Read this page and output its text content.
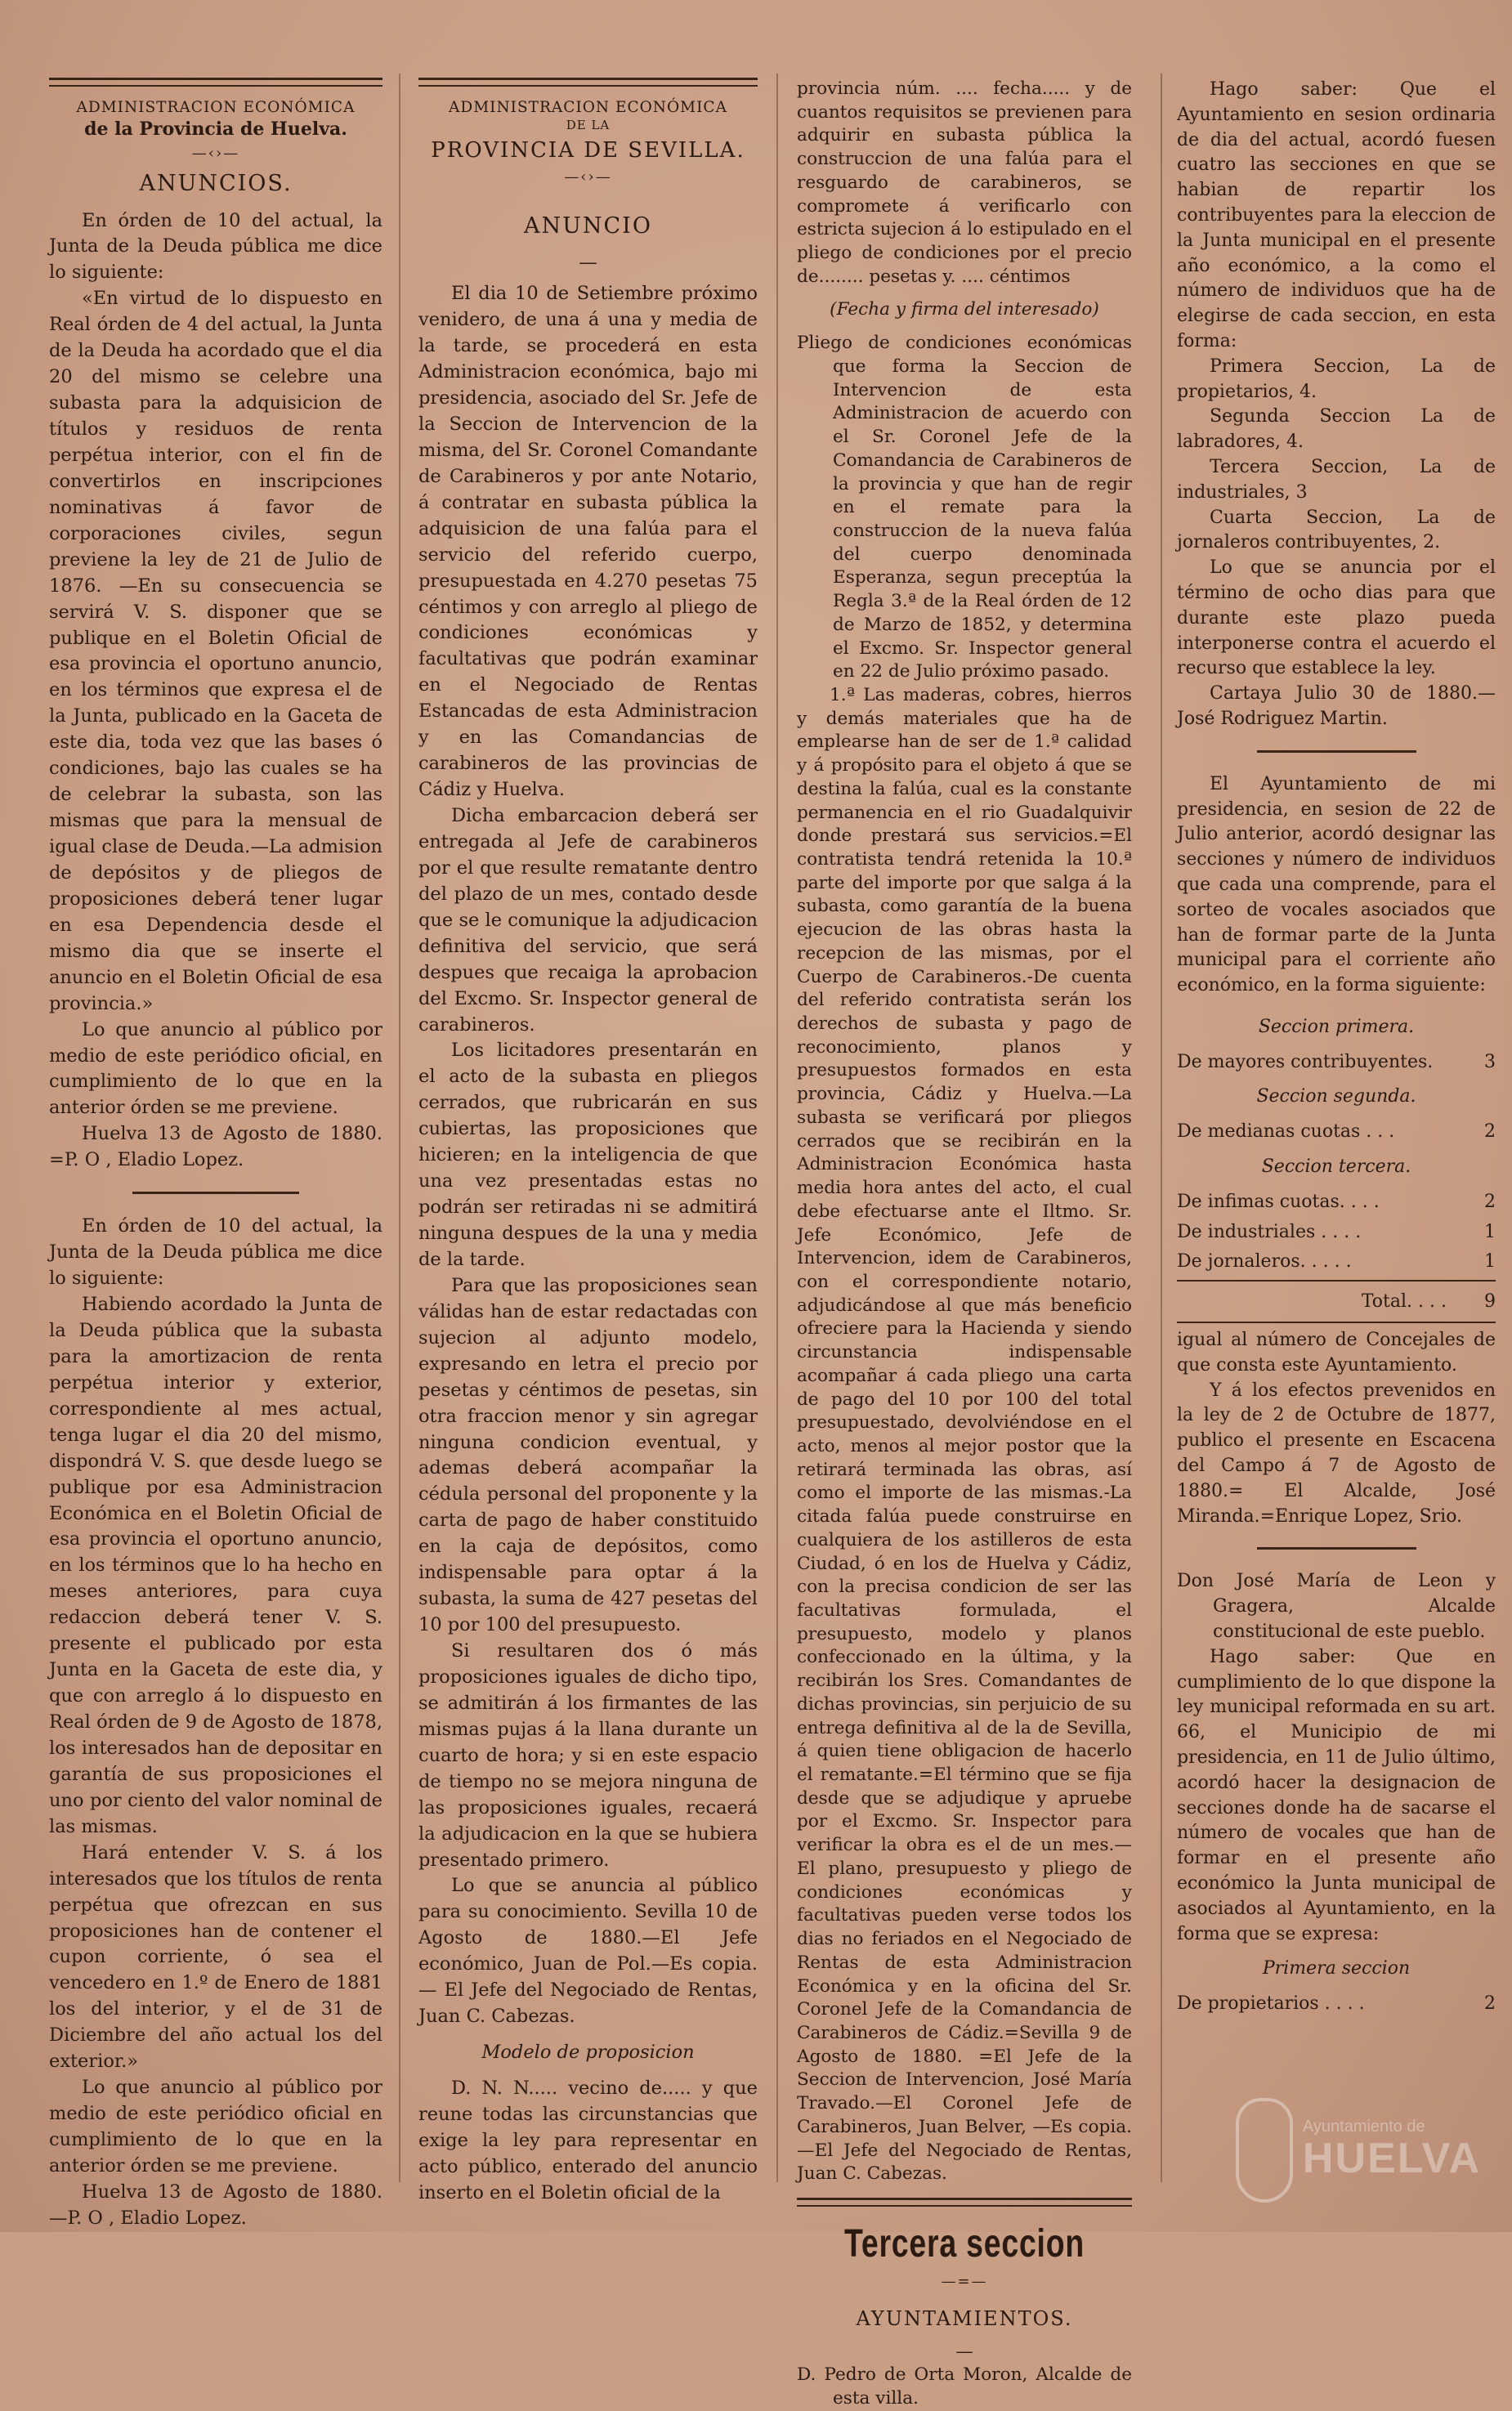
ADMINISTRACION ECONÓMICA
de la Provincia de Huelva.
—‹›—
ANUNCIOS.

En órden de 10 del actual, la Junta de la Deuda pública me dice lo siguiente:

«En virtud de lo dispuesto en Real órden de 4 del actual, la Junta de la Deuda ha acordado que el dia 20 del mismo se celebre una subasta para la adquisicion de títulos y residuos de renta perpétua interior, con el fin de convertirlos en inscripciones nominativas á favor de corporaciones civiles, segun previene la ley de 21 de Julio de 1876. —En su consecuencia se servirá V. S. disponer que se publique en el Boletin Oficial de esa provincia el oportuno anuncio, en los términos que expresa el de la Junta, publicado en la Gaceta de este dia, toda vez que las bases ó condiciones, bajo las cuales se ha de celebrar la subasta, son las mismas que para la mensual de igual clase de Deuda.—La admision de depósitos y de pliegos de proposiciones deberá tener lugar en esa Dependencia desde el mismo dia que se inserte el anuncio en el Boletin Oficial de esa provincia.»

Lo que anuncio al público por medio de este periódico oficial, en cumplimiento de lo que en la anterior órden se me previene.

Huelva 13 de Agosto de 1880. =P. O , Eladio Lopez.

En órden de 10 del actual, la Junta de la Deuda pública me dice lo siguiente:

Habiendo acordado la Junta de la Deuda pública que la subasta para la amortizacion de renta perpétua interior y exterior, correspondiente al mes actual, tenga lugar el dia 20 del mismo, dispondrá V. S. que desde luego se publique por esa Administracion Económica en el Boletin Oficial de esa provincia el oportuno anuncio, en los términos que lo ha hecho en meses anteriores, para cuya redaccion deberá tener V. S. presente el publicado por esta Junta en la Gaceta de este dia, y que con arreglo á lo dispuesto en Real órden de 9 de Agosto de 1878, los interesados han de depositar en garantía de sus proposiciones el uno por ciento del valor nominal de las mismas.

Hará entender V. S. á los interesados que los títulos de renta perpétua que ofrezcan en sus proposiciones han de contener el cupon corriente, ó sea el vencedero en 1.º de Enero de 1881 los del interior, y el de 31 de Diciembre del año actual los del exterior.»

Lo que anuncio al público por medio de este periódico oficial en cumplimiento de lo que en la anterior órden se me previene.

Huelva 13 de Agosto de 1880. —P. O , Eladio Lopez.

ADMINISTRACION ECONÓMICA
DE LA
PROVINCIA DE SEVILLA.
—‹›—
ANUNCIO
—

El dia 10 de Setiembre próximo venidero, de una á una y media de la tarde, se procederá en esta Administracion económica, bajo mi presidencia, asociado del Sr. Jefe de la Seccion de Intervencion de la misma, del Sr. Coronel Comandante de Carabineros y por ante Notario, á contratar en subasta pública la adquisicion de una falúa para el servicio del referido cuerpo, presupuestada en 4.270 pesetas 75 céntimos y con arreglo al pliego de condiciones económicas y facultativas que podrán examinar en el Negociado de Rentas Estancadas de esta Administracion y en las Comandancias de carabineros de las provincias de Cádiz y Huelva.

Dicha embarcacion deberá ser entregada al Jefe de carabineros por el que resulte rematante dentro del plazo de un mes, contado desde que se le comunique la adjudicacion definitiva del servicio, que será despues que recaiga la aprobacion del Excmo. Sr. Inspector general de carabineros.

Los licitadores presentarán en el acto de la subasta en pliegos cerrados, que rubricarán en sus cubiertas, las proposiciones que hicieren; en la inteligencia de que una vez presentadas estas no podrán ser retiradas ni se admitirá ninguna despues de la una y media de la tarde.

Para que las proposiciones sean válidas han de estar redactadas con sujecion al adjunto modelo, expresando en letra el precio por pesetas y céntimos de pesetas, sin otra fraccion menor y sin agregar ninguna condicion eventual, y ademas deberá acompañar la cédula personal del proponente y la carta de pago de haber constituido en la caja de depósitos, como indispensable para optar á la subasta, la suma de 427 pesetas del 10 por 100 del presupuesto.

Si resultaren dos ó más proposiciones iguales de dicho tipo, se admitirán á los firmantes de las mismas pujas á la llana durante un cuarto de hora; y si en este espacio de tiempo no se mejora ninguna de las proposiciones iguales, recaerá la adjudicacion en la que se hubiera presentado primero.

Lo que se anuncia al público para su conocimiento. Sevilla 10 de Agosto de 1880.—El Jefe económico, Juan de Pol.—Es copia.— El Jefe del Negociado de Rentas, Juan C. Cabezas.

Modelo de proposicion

D. N. N..... vecino de..... y que reune todas las circunstancias que exige la ley para representar en acto público, enterado del anuncio inserto en el Boletin oficial de la

provincia núm. .... fecha..... y de cuantos requisitos se previenen para adquirir en subasta pública la construccion de una falúa para el resguardo de carabineros, se compromete á verificarlo con estricta sujecion á lo estipulado en el pliego de condiciones por el precio de........ pesetas y. .... céntimos

(Fecha y firma del interesado)

Pliego de condiciones económicas que forma la Seccion de Intervencion de esta Administracion de acuerdo con el Sr. Coronel Jefe de la Comandancia de Carabineros de la provincia y que han de regir en el remate para la construccion de la nueva falúa del cuerpo denominada Esperanza, segun preceptúa la Regla 3.ª de la Real órden de 12 de Marzo de 1852, y determina el Excmo. Sr. Inspector general en 22 de Julio próximo pasado.

1.ª Las maderas, cobres, hierros y demás materiales que ha de emplearse han de ser de 1.ª calidad y á propósito para el objeto á que se destina la falúa, cual es la constante permanencia en el rio Guadalquivir donde prestará sus servicios.=El contratista tendrá retenida la 10.ª parte del importe por que salga á la subasta, como garantía de la buena ejecucion de las obras hasta la recepcion de las mismas, por el Cuerpo de Carabineros.-De cuenta del referido contratista serán los derechos de subasta y pago de reconocimiento, planos y presupuestos formados en esta provincia, Cádiz y Huelva.—La subasta se verificará por pliegos cerrados que se recibirán en la Administracion Económica hasta media hora antes del acto, el cual debe efectuarse ante el Iltmo. Sr. Jefe Económico, Jefe de Intervencion, idem de Carabineros, con el correspondiente notario, adjudicándose al que más beneficio ofreciere para la Hacienda y siendo circunstancia indispensable acompañar á cada pliego una carta de pago del 10 por 100 del total presupuestado, devolviéndose en el acto, menos al mejor postor que la retirará terminada las obras, así como el importe de las mismas.-La citada falúa puede construirse en cualquiera de los astilleros de esta Ciudad, ó en los de Huelva y Cádiz, con la precisa condicion de ser las facultativas formulada, el presupuesto, modelo y planos confeccionado en la última, y la recibirán los Sres. Comandantes de dichas provincias, sin perjuicio de su entrega definitiva al de la de Sevilla, á quien tiene obligacion de hacerlo el rematante.=El término que se fija desde que se adjudique y apruebe por el Excmo. Sr. Inspector para verificar la obra es el de un mes.— El plano, presupuesto y pliego de condiciones económicas y facultativas pueden verse todos los dias no feriados en el Negociado de Rentas de esta Administracion Económica y en la oficina del Sr. Coronel Jefe de la Comandancia de Carabineros de Cádiz.=Sevilla 9 de Agosto de 1880. =El Jefe de la Seccion de Intervencion, José María Travado.—El Coronel Jefe de Carabineros, Juan Belver, —Es copia.—El Jefe del Negociado de Rentas, Juan C. Cabezas.

Tercera seccion
—=—
AYUNTAMIENTOS.
—

D. Pedro de Orta Moron, Alcalde de esta villa.

Hago saber: Que el Ayuntamiento en sesion ordinaria de dia del actual, acordó fuesen cuatro las secciones en que se habian de repartir los contribuyentes para la eleccion de la Junta municipal en el presente año económico, a la como el número de individuos que ha de elegirse de cada seccion, en esta forma:

Primera Seccion, La de propietarios, 4.

Segunda Seccion La de labradores, 4.

Tercera Seccion, La de industriales, 3

Cuarta Seccion, La de jornaleros contribuyentes, 2.

Lo que se anuncia por el término de ocho dias para que durante este plazo pueda interponerse contra el acuerdo el recurso que establece la ley.

Cartaya Julio 30 de 1880.—José Rodriguez Martin.

El Ayuntamiento de mi presidencia, en sesion de 22 de Julio anterior, acordó designar las secciones y número de individuos que cada una comprende, para el sorteo de vocales asociados que han de formar parte de la Junta municipal para el corriente año económico, en la forma siguiente:

Seccion primera.
De mayores contribuyentes.	3
Seccion segunda.
De medianas cuotas . . .	2
Seccion tercera.
De infimas cuotas. . . .	2
De industriales . . . .	1
De jornaleros. . . . .	1
Total. . . .	9

igual al número de Concejales de que consta este Ayuntamiento.

Y á los efectos prevenidos en la ley de 2 de Octubre de 1877, publico el presente en Escacena del Campo á 7 de Agosto de 1880.= El Alcalde, José Miranda.=Enrique Lopez, Srio.

Don José María de Leon y Gragera, Alcalde constitucional de este pueblo.

Hago saber: Que en cumplimiento de lo que dispone la ley municipal reformada en su art. 66, el Municipio de mi presidencia, en 11 de Julio último, acordó hacer la designacion de secciones donde ha de sacarse el número de vocales que han de formar en el presente año económico la Junta municipal de asociados al Ayuntamiento, en la forma que se expresa:

Primera seccion
De propietarios . . . .	2
Ayuntamiento de
HUELVA
